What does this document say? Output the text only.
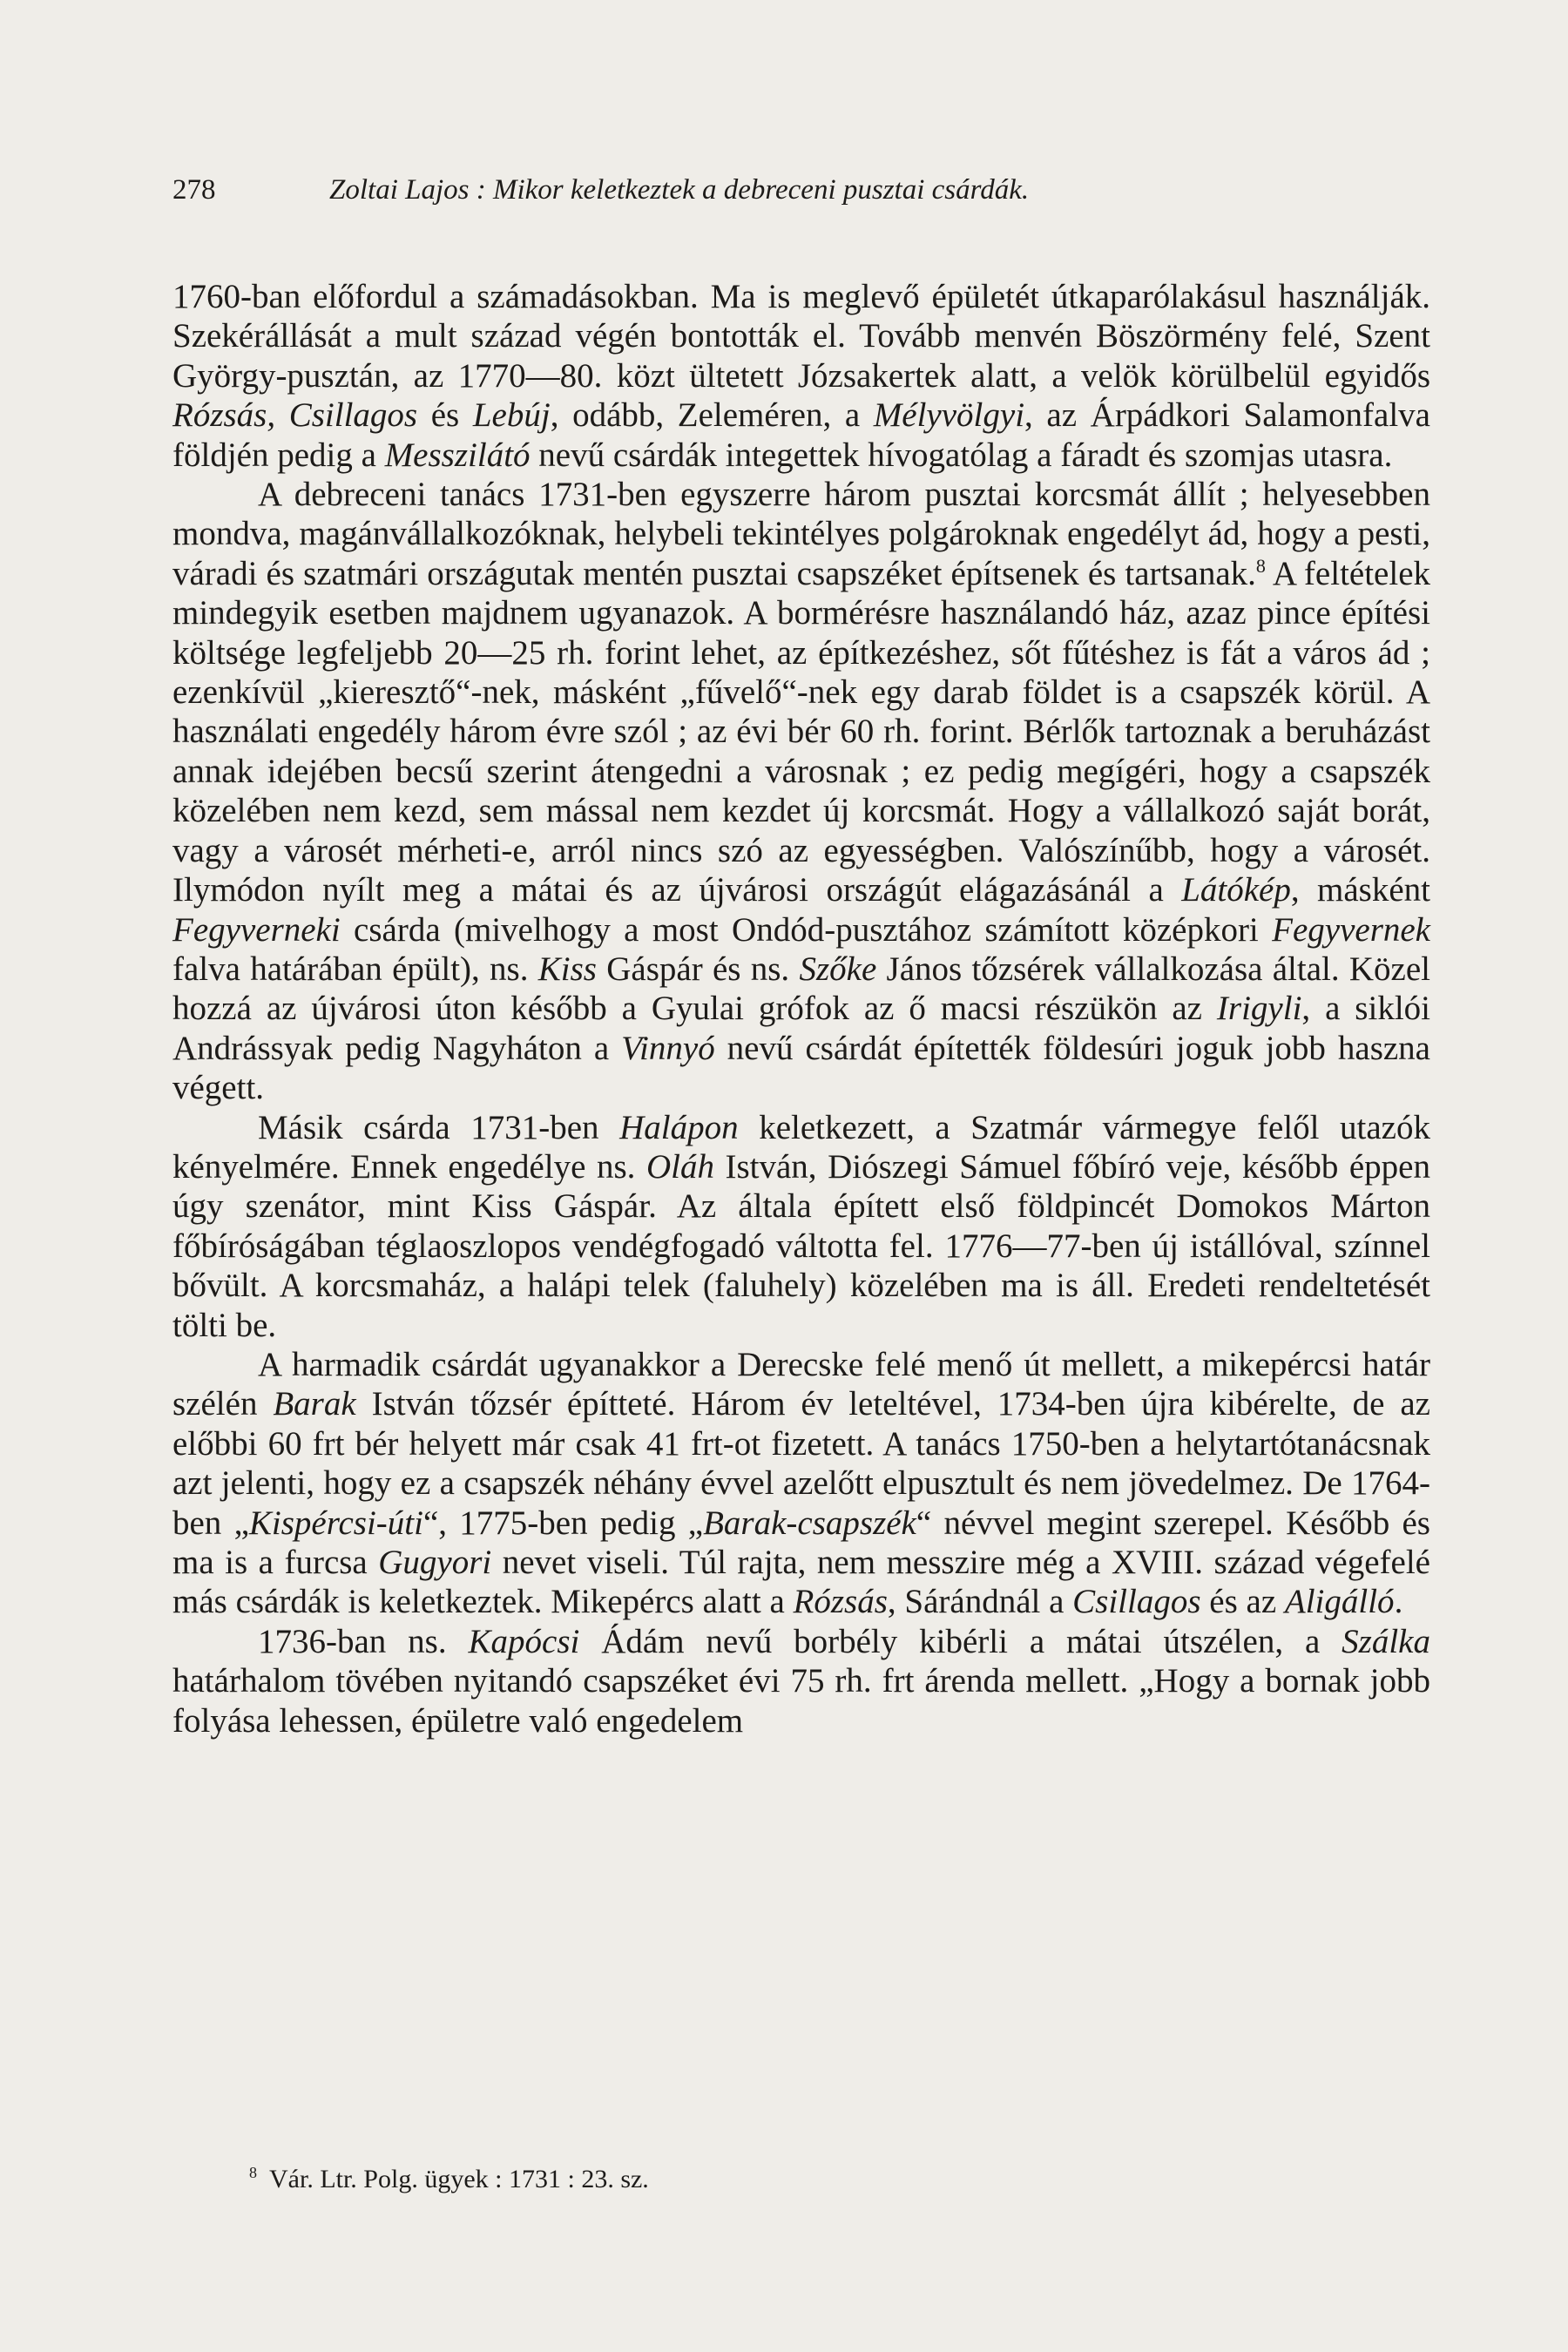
278	Zoltai Lajos : Mikor keletkeztek a debreceni pusztai csárdák.

1760-ban előfordul a számadásokban. Ma is meglevő épületét útkaparólakásul használják. Szekérállását a mult század végén bontották el. Tovább menvén Böszörmény felé, Szent György-pusztán, az 1770—80. közt ültetett Józsakertek alatt, a velök körülbelül egyidős Rózsás, Csillagos és Lebúj, odább, Zeleméren, a Mélyvölgyi, az Árpádkori Salamonfalva földjén pedig a Messzilátó nevű csárdák integettek hívogatólag a fáradt és szomjas utasra.

A debreceni tanács 1731-ben egyszerre három pusztai korcsmát állít ; helyesebben mondva, magánvállalkozóknak, helybeli tekintélyes polgároknak engedélyt ád, hogy a pesti, váradi és szatmári országutak mentén pusztai csapszéket építsenek és tartsanak.$^8$ A feltételek mindegyik esetben majdnem ugyanazok. A bormérésre használandó ház, azaz pince építési költsége legfeljebb 20—25 rh. forint lehet, az építkezéshez, sőt fűtéshez is fát a város ád ; ezenkívül „kieresztő“-nek, másként „fűvelő“-nek egy darab földet is a csapszék körül. A használati engedély három évre szól ; az évi bér 60 rh. forint. Bérlők tartoznak a beruházást annak idejében becsű szerint átengedni a városnak ; ez pedig megígéri, hogy a csapszék közelében nem kezd, sem mással nem kezdet új korcsmát. Hogy a vállalkozó saját borát, vagy a városét mérheti-e, arról nincs szó az egyességben. Valószínűbb, hogy a városét. Ilymódon nyílt meg a mátai és az újvárosi országút elágazásánál a Látókép, másként Fegyverneki csárda (mivelhogy a most Ondód-pusztához számított középkori Fegyvernek falva határában épült), ns. Kiss Gáspár és ns. Szőke János tőzsérek vállalkozása által. Közel hozzá az újvárosi úton később a Gyulai grófok az ő macsi részükön az Irigyli, a siklói Andrássyak pedig Nagyháton a Vinnyó nevű csárdát építették földesúri joguk jobb haszna végett.

Másik csárda 1731-ben Halápon keletkezett, a Szatmár vármegye felől utazók kényelmére. Ennek engedélye ns. Oláh István, Diószegi Sámuel főbíró veje, később éppen úgy szenátor, mint Kiss Gáspár. Az általa épített első földpincét Domokos Márton főbíróságában téglaoszlopos vendégfogadó váltotta fel. 1776—77-ben új istállóval, színnel bővült. A korcsmaház, a halápi telek (faluhely) közelében ma is áll. Eredeti rendeltetését tölti be.

A harmadik csárdát ugyanakkor a Derecske felé menő út mellett, a mikepércsi határ szélén Barak István tőzsér építteté. Három év leteltével, 1734-ben újra kibérelte, de az előbbi 60 frt bér helyett már csak 41 frt-ot fizetett. A tanács 1750-ben a helytartótanácsnak azt jelenti, hogy ez a csapszék néhány évvel azelőtt elpusztult és nem jövedelmez. De 1764-ben „Kispércsi-úti“, 1775-ben pedig „Barak-csapszék“ névvel megint szerepel. Később és ma is a furcsa Gugyori nevet viseli. Túl rajta, nem messzire még a XVIII. század végefelé más csárdák is keletkeztek. Mikepércs alatt a Rózsás, Sárándnál a Csillagos és az Aligálló.

1736-ban ns. Kapócsi Ádám nevű borbély kibérli a mátai útszélen, a Szálka határhalom tövében nyitandó csapszéket évi 75 rh. frt árenda mellett. „Hogy a bornak jobb folyása lehessen, épületre való engedelem

$^8$ Vár. Ltr. Polg. ügyek : 1731 : 23. sz.
